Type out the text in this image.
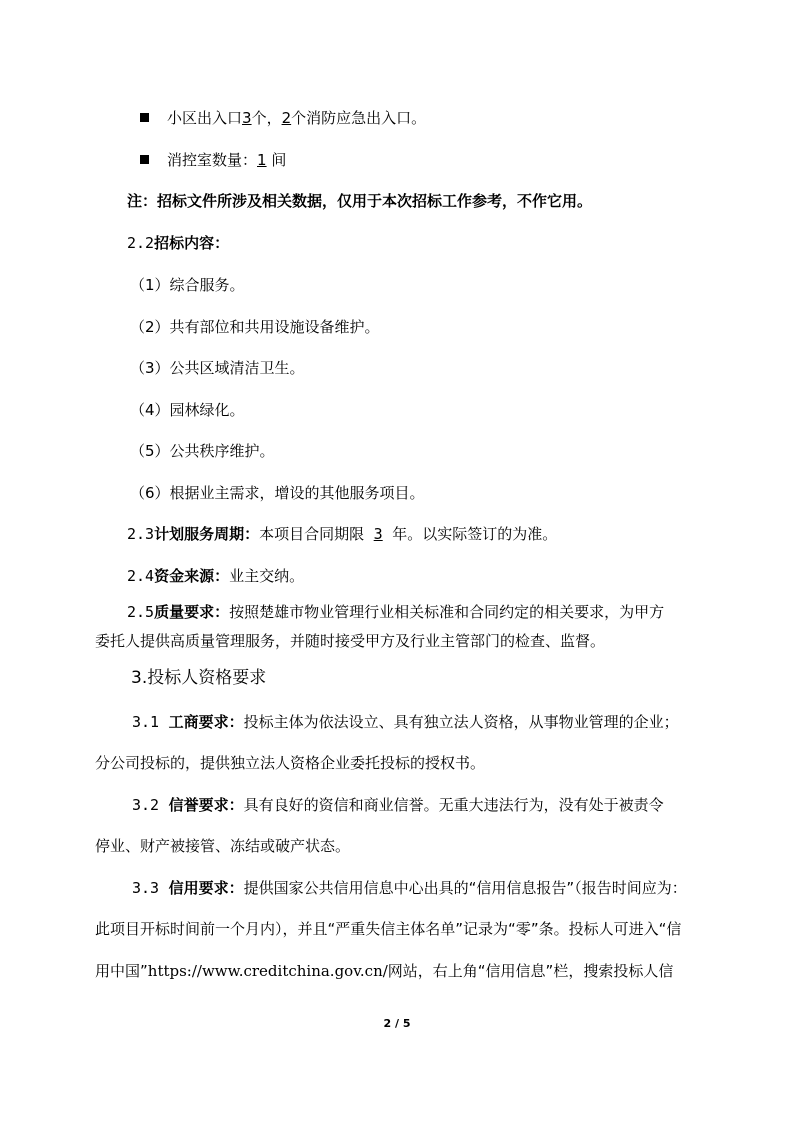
小区出入口3个，2个消防应急出入口。
消控室数量：1 间
注：招标文件所涉及相关数据，仅用于本次招标工作参考，不作它用。
2.2招标内容：
（1）综合服务。
（2）共有部位和共用设施设备维护。
（3）公共区域清洁卫生。
（4）园林绿化。
（5）公共秩序维护。
（6）根据业主需求，增设的其他服务项目。
2.3计划服务周期：本项目合同期限 3 年。以实际签订的为准。
2.4资金来源：业主交纳。
2.5质量要求：按照楚雄市物业管理行业相关标准和合同约定的相关要求，为甲方
委托人提供高质量管理服务，并随时接受甲方及行业主管部门的检查、监督。
3.投标人资格要求
3.1 工商要求：投标主体为依法设立、具有独立法人资格，从事物业管理的企业；
分公司投标的，提供独立法人资格企业委托投标的授权书。
3.2 信誉要求：具有良好的资信和商业信誉。无重大违法行为，没有处于被责令
停业、财产被接管、冻结或破产状态。
3.3 信用要求：提供国家公共信用信息中心出具的“信用信息报告”（报告时间应为：
此项目开标时间前一个月内），并且“严重失信主体名单”记录为“零”条。投标人可进入“信
用中国”https://www.creditchina.gov.cn/网站，右上角“信用信息”栏，搜索投标人信
2 / 5
